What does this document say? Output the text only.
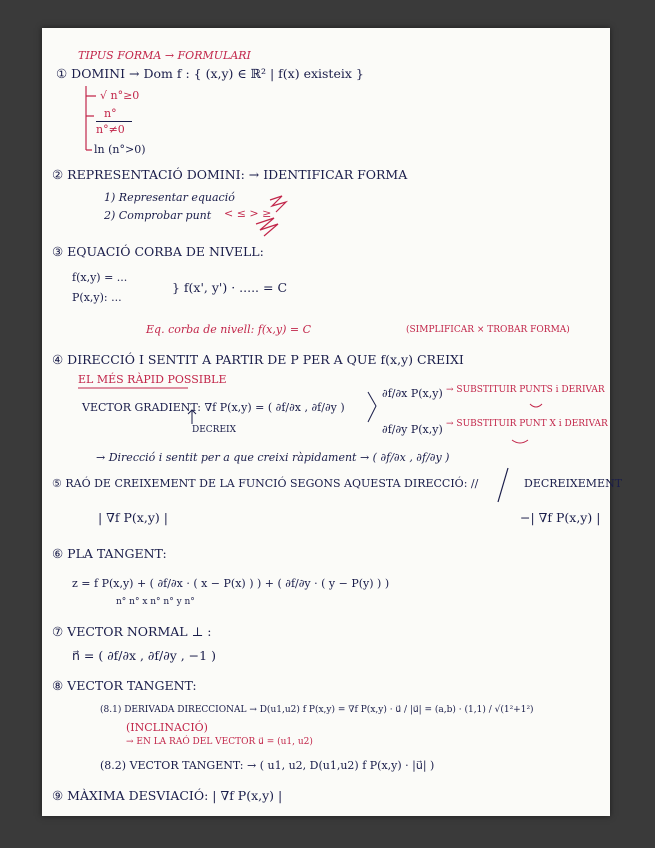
TIPUS FORMA → FORMULARI
① DOMINI → Dom f : { (x,y) ∈ ℝ² | f(x) existeix }
√ n°≥0
n°
n°≠0
ln (n°>0)
② REPRESENTACIÓ DOMINI: → IDENTIFICAR FORMA
1) Representar equació
2) Comprobar punt < ≤ > ≥
③ EQUACIÓ CORBA DE NIVELL:
f(x,y) = ...
P(x,y): ...
} f(x', y') · ..... = C
Eq. corba de nivell: f(x,y) = C	(SIMPLIFICAR × TROBAR FORMA)
④ DIRECCIÓ I SENTIT A PARTIR DE P PER A QUE f(x,y) CREIXI
EL MÉS RÀPID POSSIBLE
VECTOR GRADIENT: ∇f P(x,y) = ( ∂f/∂x , ∂f/∂y )
DECREIX
∂f/∂x P(x,y) → SUBSTITUIR PUNTS i DERIVAR
∂f/∂y P(x,y) → SUBSTITUIR PUNT X i DERIVAR
→ Direcció i sentit per a que creixi ràpidament → ( ∂f/∂x , ∂f/∂y )
⑤ RAÓ DE CREIXEMENT DE LA FUNCIÓ SEGONS AQUESTA DIRECCIÓ: //	DECREIXEMENT
| ∇f P(x,y) |	−| ∇f P(x,y) |
⑥ PLA TANGENT:
z = f P(x,y) + ( ∂f/∂x · ( x − P(x) ) ) + ( ∂f/∂y · ( y − P(y) ) )
n° n° x n° n° y n°
⑦ VECTOR NORMAL ⊥ :
n⃗ = ( ∂f/∂x , ∂f/∂y , −1 )
⑧ VECTOR TANGENT:
(8.1) DERIVADA DIRECCIONAL → D(u1,u2) f P(x,y) = ∇f P(x,y) · u⃗ / |u⃗| = (a,b) · (1,1) / √(1²+1²)
(INCLINACIÓ)
→ EN LA RAÓ DEL VECTOR u⃗ = (u1, u2)
(8.2) VECTOR TANGENT: → ( u1, u2, D(u1,u2) f P(x,y) · |u⃗| )
⑨ MÀXIMA DESVIACIÓ: | ∇f P(x,y) |
